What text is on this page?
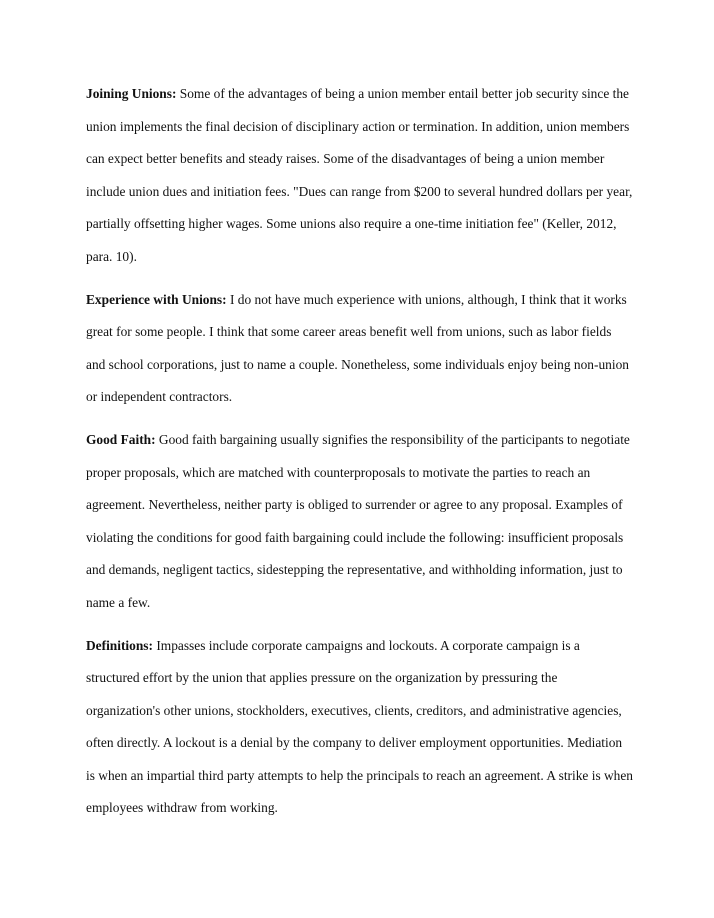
Joining Unions: Some of the advantages of being a union member entail better job security since the union implements the final decision of disciplinary action or termination. In addition, union members can expect better benefits and steady raises. Some of the disadvantages of being a union member include union dues and initiation fees. "Dues can range from $200 to several hundred dollars per year, partially offsetting higher wages. Some unions also require a one-time initiation fee" (Keller, 2012, para. 10).

Experience with Unions: I do not have much experience with unions, although, I think that it works great for some people. I think that some career areas benefit well from unions, such as labor fields and school corporations, just to name a couple. Nonetheless, some individuals enjoy being non-union or independent contractors.

Good Faith: Good faith bargaining usually signifies the responsibility of the participants to negotiate proper proposals, which are matched with counterproposals to motivate the parties to reach an agreement. Nevertheless, neither party is obliged to surrender or agree to any proposal. Examples of violating the conditions for good faith bargaining could include the following: insufficient proposals and demands, negligent tactics, sidestepping the representative, and withholding information, just to name a few.

Definitions: Impasses include corporate campaigns and lockouts. A corporate campaign is a structured effort by the union that applies pressure on the organization by pressuring the organization's other unions, stockholders, executives, clients, creditors, and administrative agencies, often directly. A lockout is a denial by the company to deliver employment opportunities. Mediation is when an impartial third party attempts to help the principals to reach an agreement. A strike is when employees withdraw from working.
